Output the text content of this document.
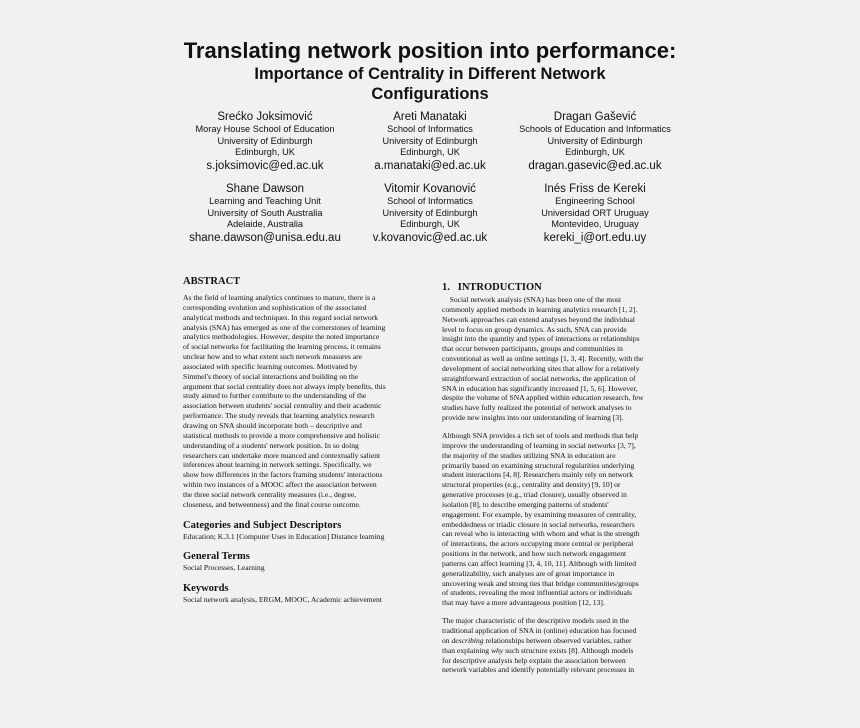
Translating network position into performance:
Importance of Centrality in Different Network
Configurations
Srećko Joksimović
Moray House School of Education
University of Edinburgh
Edinburgh, UK
s.joksimovic@ed.ac.uk
Areti Manataki
School of Informatics
University of Edinburgh
Edinburgh, UK
a.manataki@ed.ac.uk
Dragan Gašević
Schools of Education and Informatics
University of Edinburgh
Edinburgh, UK
dragan.gasevic@ed.ac.uk
Shane Dawson
Learning and Teaching Unit
University of South Australia
Adelaide, Australia
shane.dawson@unisa.edu.au
Vitomir Kovanović
School of Informatics
University of Edinburgh
Edinburgh, UK
v.kovanovic@ed.ac.uk
Inés Friss de Kereki
Engineering School
Universidad ORT Uruguay
Montevideo, Uruguay
kereki_i@ort.edu.uy
ABSTRACT

As the field of learning analytics continues to mature, there is a
corresponding evolution and sophistication of the associated
analytical methods and techniques. In this regard social network
analysis (SNA) has emerged as one of the cornerstones of learning
analytics methodologies. However, despite the noted importance
of social networks for facilitating the learning process, it remains
unclear how and to what extent such network measures are
associated with specific learning outcomes. Motivated by
Simmel's theory of social interactions and building on the
argument that social centrality does not always imply benefits, this
study aimed to further contribute to the understanding of the
association between students' social centrality and their academic
performance. The study reveals that learning analytics research
drawing on SNA should incorporate both – descriptive and
statistical methods to provide a more comprehensive and holistic
understanding of a students' network position. In so doing
researchers can undertake more nuanced and contextually salient
inferences about learning in network settings. Specifically, we
show how differences in the factors framing students' interactions
within two instances of a MOOC affect the association between
the three social network centrality measures (i.e., degree,
closeness, and betweenness) and the final course outcome.

Categories and Subject Descriptors

Education; K.3.1 [Computer Uses in Education] Distance learning

General Terms

Social Processes, Learning

Keywords

Social network analysis, ERGM, MOOC, Academic achievement

1.   INTRODUCTION

 Social network analysis (SNA) has been one of the most
commonly applied methods in learning analytics research [1, 2].
Network approaches can extend analyses beyond the individual
level to focus on group dynamics. As such, SNA can provide
insight into the quantity and types of interactions or relationships
that occur between participants, groups and communities in
conventional as well as online settings [1, 3, 4]. Recently, with the
development of social networking sites that allow for a relatively
straightforward extraction of social networks, the application of
SNA in education has significantly increased [1, 5, 6]. However,
despite the volume of SNA applied within education research, few
studies have fully realized the potential of network analyses to
provide new insights into our understanding of learning [3].

Although SNA provides a rich set of tools and methods that help
improve the understanding of learning in social networks [3, 7],
the majority of the studies utilizing SNA in education are
primarily based on examining structural regularities underlying
student interactions [4, 8]. Researchers mainly rely on network
structural properties (e.g., centrality and density) [9, 10] or
generative processes (e.g., triad closure), usually observed in
isolation [8], to describe emerging patterns of students'
engagement. For example, by examining measures of centrality,
embeddedness or triadic closure in social networks, researchers
can reveal who is interacting with whom and what is the strength
of interactions, the actors occupying more central or peripheral
positions in the network, and how such network engagement
patterns can affect learning [3, 4, 10, 11]. Although with limited
generalizability, such analyses are of great importance in
uncovering weak and strong ties that bridge communities/groups
of students, revealing the most influential actors or individuals
that may have a more advantageous position [12, 13].

The major characteristic of the descriptive models used in the
traditional application of SNA in (online) education has focused
on describing relationships between observed variables, rather
than explaining why such structure exists [8]. Although models
for descriptive analysis help explain the association between
network variables and identify potentially relevant processes in
